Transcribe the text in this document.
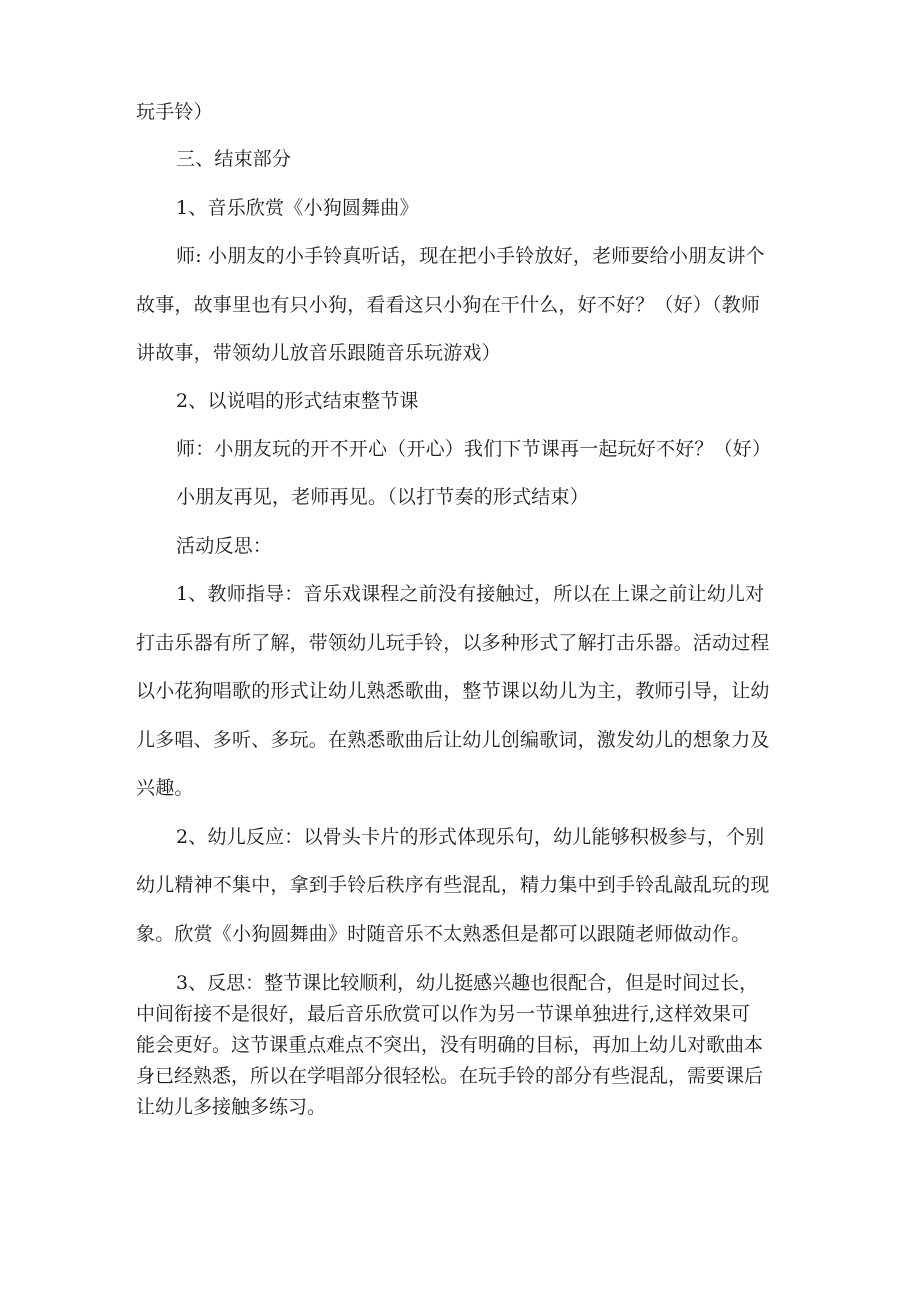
玩手铃）
三、结束部分
1、音乐欣赏《小狗圆舞曲》
师: 小朋友的小手铃真听话，现在把小手铃放好，老师要给小朋友讲个
故事，故事里也有只小狗，看看这只小狗在干什么，好不好？（好）（教师
讲故事，带领幼儿放音乐跟随音乐玩游戏）
2、以说唱的形式结束整节课
师：小朋友玩的开不开心（开心）我们下节课再一起玩好不好？（好）
小朋友再见，老师再见。（以打节奏的形式结束）
活动反思：
1、教师指导：音乐戏课程之前没有接触过，所以在上课之前让幼儿对
打击乐器有所了解，带领幼儿玩手铃，以多种形式了解打击乐器。活动过程
以小花狗唱歌的形式让幼儿熟悉歌曲，整节课以幼儿为主，教师引导，让幼
儿多唱、多听、多玩。在熟悉歌曲后让幼儿创编歌词，激发幼儿的想象力及
兴趣。
2、幼儿反应：以骨头卡片的形式体现乐句，幼儿能够积极参与，个别
幼儿精神不集中，拿到手铃后秩序有些混乱，精力集中到手铃乱敲乱玩的现
象。欣赏《小狗圆舞曲》时随音乐不太熟悉但是都可以跟随老师做动作。
3、反思：整节课比较顺利，幼儿挺感兴趣也很配合，但是时间过长，
中间衔接不是很好，最后音乐欣赏可以作为另一节课单独进行,这样效果可
能会更好。这节课重点难点不突出，没有明确的目标，再加上幼儿对歌曲本
身已经熟悉，所以在学唱部分很轻松。在玩手铃的部分有些混乱，需要课后
让幼儿多接触多练习。
